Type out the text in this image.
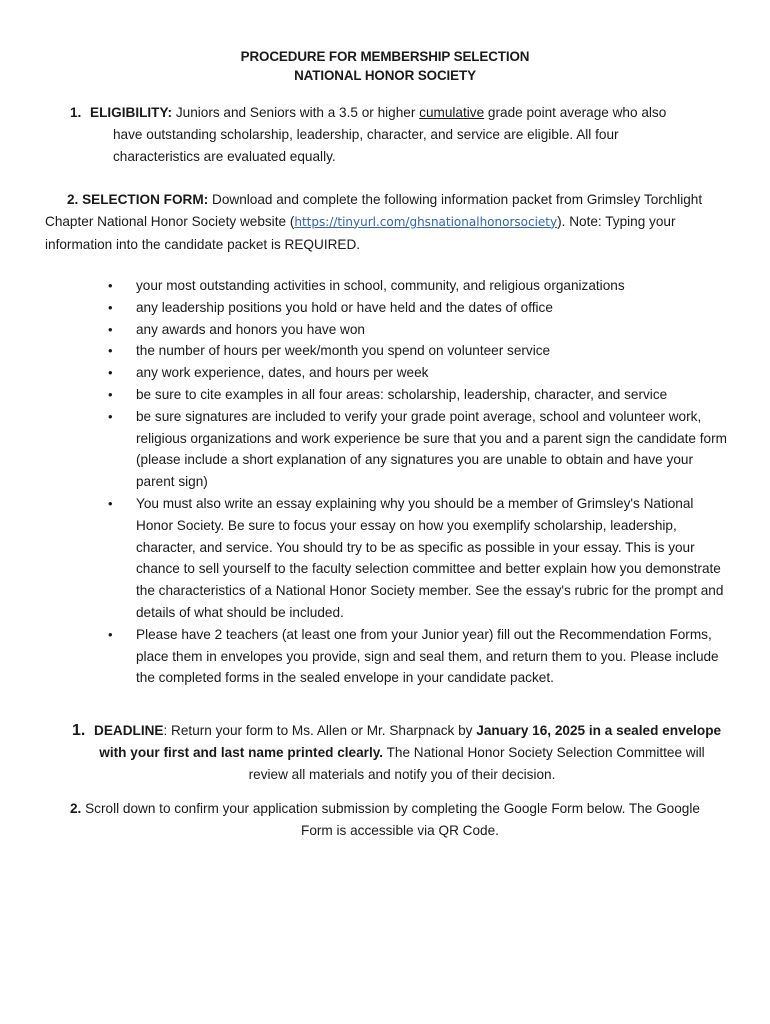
PROCEDURE FOR MEMBERSHIP SELECTION
NATIONAL HONOR SOCIETY
1. ELIGIBILITY: Juniors and Seniors with a 3.5 or higher cumulative grade point average who also
have outstanding scholarship, leadership, character, and service are eligible. All four
characteristics are evaluated equally.
2. SELECTION FORM: Download and complete the following information packet from Grimsley Torchlight
Chapter National Honor Society website (https://tinyurl.com/ghsnationalhonorsociety). Note: Typing your
information into the candidate packet is REQUIRED.
• your most outstanding activities in school, community, and religious organizations
• any leadership positions you hold or have held and the dates of office
• any awards and honors you have won
• the number of hours per week/month you spend on volunteer service
• any work experience, dates, and hours per week
• be sure to cite examples in all four areas: scholarship, leadership, character, and service
• be sure signatures are included to verify your grade point average, school and volunteer work, religious organizations and work experience be sure that you and a parent sign the candidate form (please include a short explanation of any signatures you are unable to obtain and have your parent sign)
• You must also write an essay explaining why you should be a member of Grimsley's National Honor Society. Be sure to focus your essay on how you exemplify scholarship, leadership, character, and service. You should try to be as specific as possible in your essay. This is your chance to sell yourself to the faculty selection committee and better explain how you demonstrate the characteristics of a National Honor Society member. See the essay's rubric for the prompt and details of what should be included.
• Please have 2 teachers (at least one from your Junior year) fill out the Recommendation Forms, place them in envelopes you provide, sign and seal them, and return them to you. Please include the completed forms in the sealed envelope in your candidate packet.
1. DEADLINE: Return your form to Ms. Allen or Mr. Sharpnack by January 16, 2025 in a sealed envelope
with your first and last name printed clearly. The National Honor Society Selection Committee will
review all materials and notify you of their decision.
2. Scroll down to confirm your application submission by completing the Google Form below. The Google
Form is accessible via QR Code.
